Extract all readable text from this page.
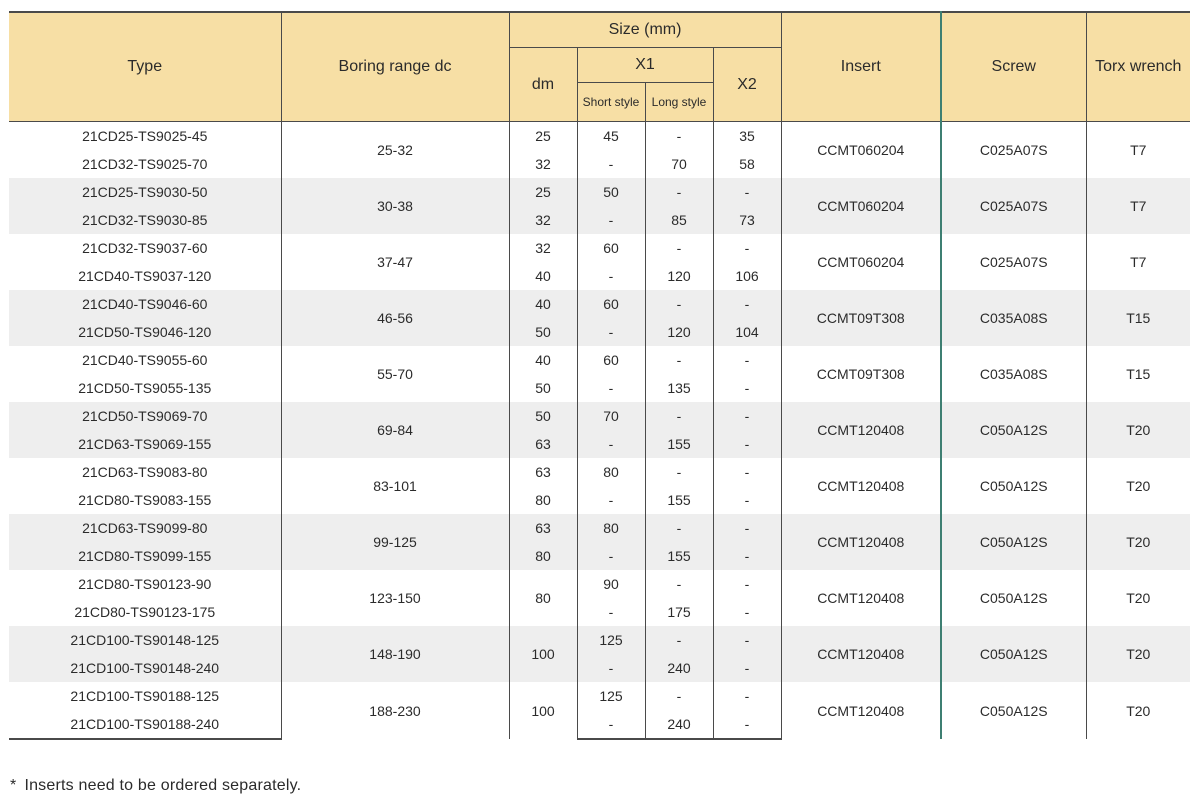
Type	Boring range dc	Size (mm)				Insert	Screw	Torx wrench
		dm	X1		X2			
			Short style	Long style				
21CD25-TS9025-45	25-32	25	45	-	35	CCMT060204	C025A07S	T7
21CD32-TS9025-70		32	-	70	58			
21CD25-TS9030-50	30-38	25	50	-	-	CCMT060204	C025A07S	T7
21CD32-TS9030-85		32	-	85	73			
21CD32-TS9037-60	37-47	32	60	-	-	CCMT060204	C025A07S	T7
21CD40-TS9037-120		40	-	120	106			
21CD40-TS9046-60	46-56	40	60	-	-	CCMT09T308	C035A08S	T15
21CD50-TS9046-120		50	-	120	104			
21CD40-TS9055-60	55-70	40	60	-	-	CCMT09T308	C035A08S	T15
21CD50-TS9055-135		50	-	135	-			
21CD50-TS9069-70	69-84	50	70	-	-	CCMT120408	C050A12S	T20
21CD63-TS9069-155		63	-	155	-			
21CD63-TS9083-80	83-101	63	80	-	-	CCMT120408	C050A12S	T20
21CD80-TS9083-155		80	-	155	-			
21CD63-TS9099-80	99-125	63	80	-	-	CCMT120408	C050A12S	T20
21CD80-TS9099-155		80	-	155	-			
21CD80-TS90123-90	123-150	80	90	-	-	CCMT120408	C050A12S	T20
21CD80-TS90123-175			-	175	-			
21CD100-TS90148-125	148-190	100	125	-	-	CCMT120408	C050A12S	T20
21CD100-TS90148-240			-	240	-			
21CD100-TS90188-125	188-230	100	125	-	-	CCMT120408	C050A12S	T20
21CD100-TS90188-240			-	240	-			
* Inserts need to be ordered separately.
